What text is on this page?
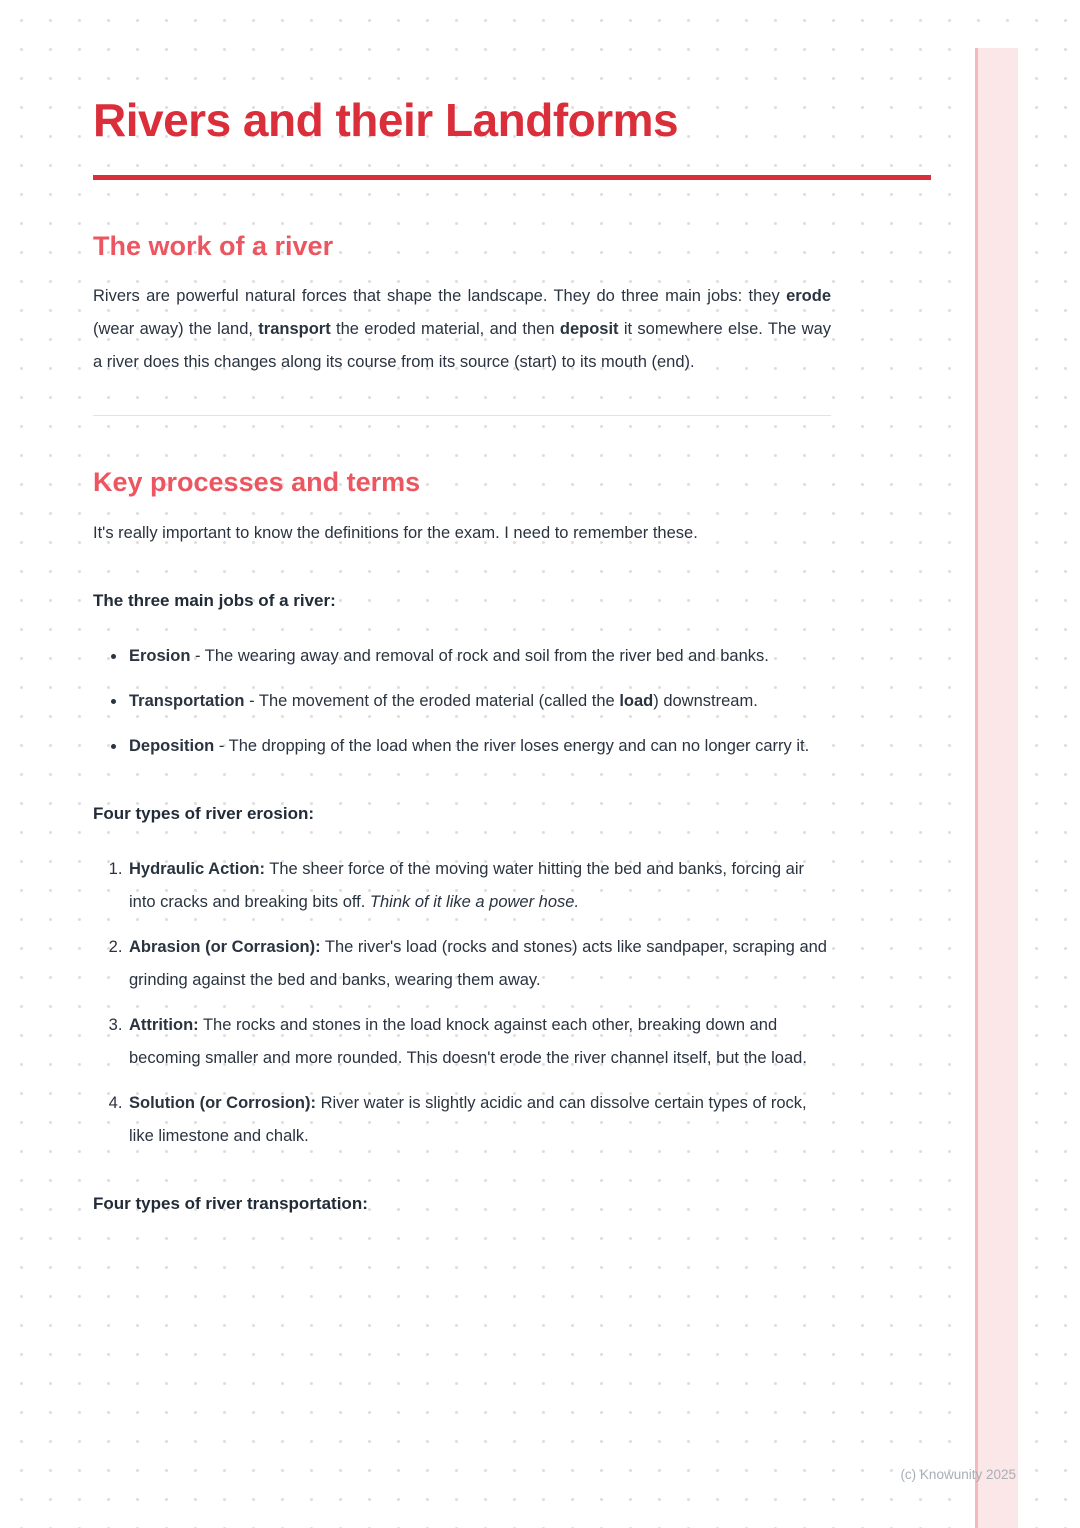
Rivers and their Landforms
The work of a river

Rivers are powerful natural forces that shape the landscape. They do three main jobs: they erode (wear away) the land, transport the eroded material, and then deposit it somewhere else. The way a river does this changes along its course from its source (start) to its mouth (end).

Key processes and terms

It's really important to know the definitions for the exam. I need to remember these.

The three main jobs of a river:

• Erosion - The wearing away and removal of rock and soil from the river bed and banks.
• Transportation - The movement of the eroded material (called the load) downstream.
• Deposition - The dropping of the load when the river loses energy and can no longer carry it.

Four types of river erosion:

1. Hydraulic Action: The sheer force of the moving water hitting the bed and banks, forcing air into cracks and breaking bits off. Think of it like a power hose.
2. Abrasion (or Corrasion): The river's load (rocks and stones) acts like sandpaper, scraping and grinding against the bed and banks, wearing them away.
3. Attrition: The rocks and stones in the load knock against each other, breaking down and becoming smaller and more rounded. This doesn't erode the river channel itself, but the load.
4. Solution (or Corrosion): River water is slightly acidic and can dissolve certain types of rock, like limestone and chalk.

Four types of river transportation:

(c) Knowunity 2025
